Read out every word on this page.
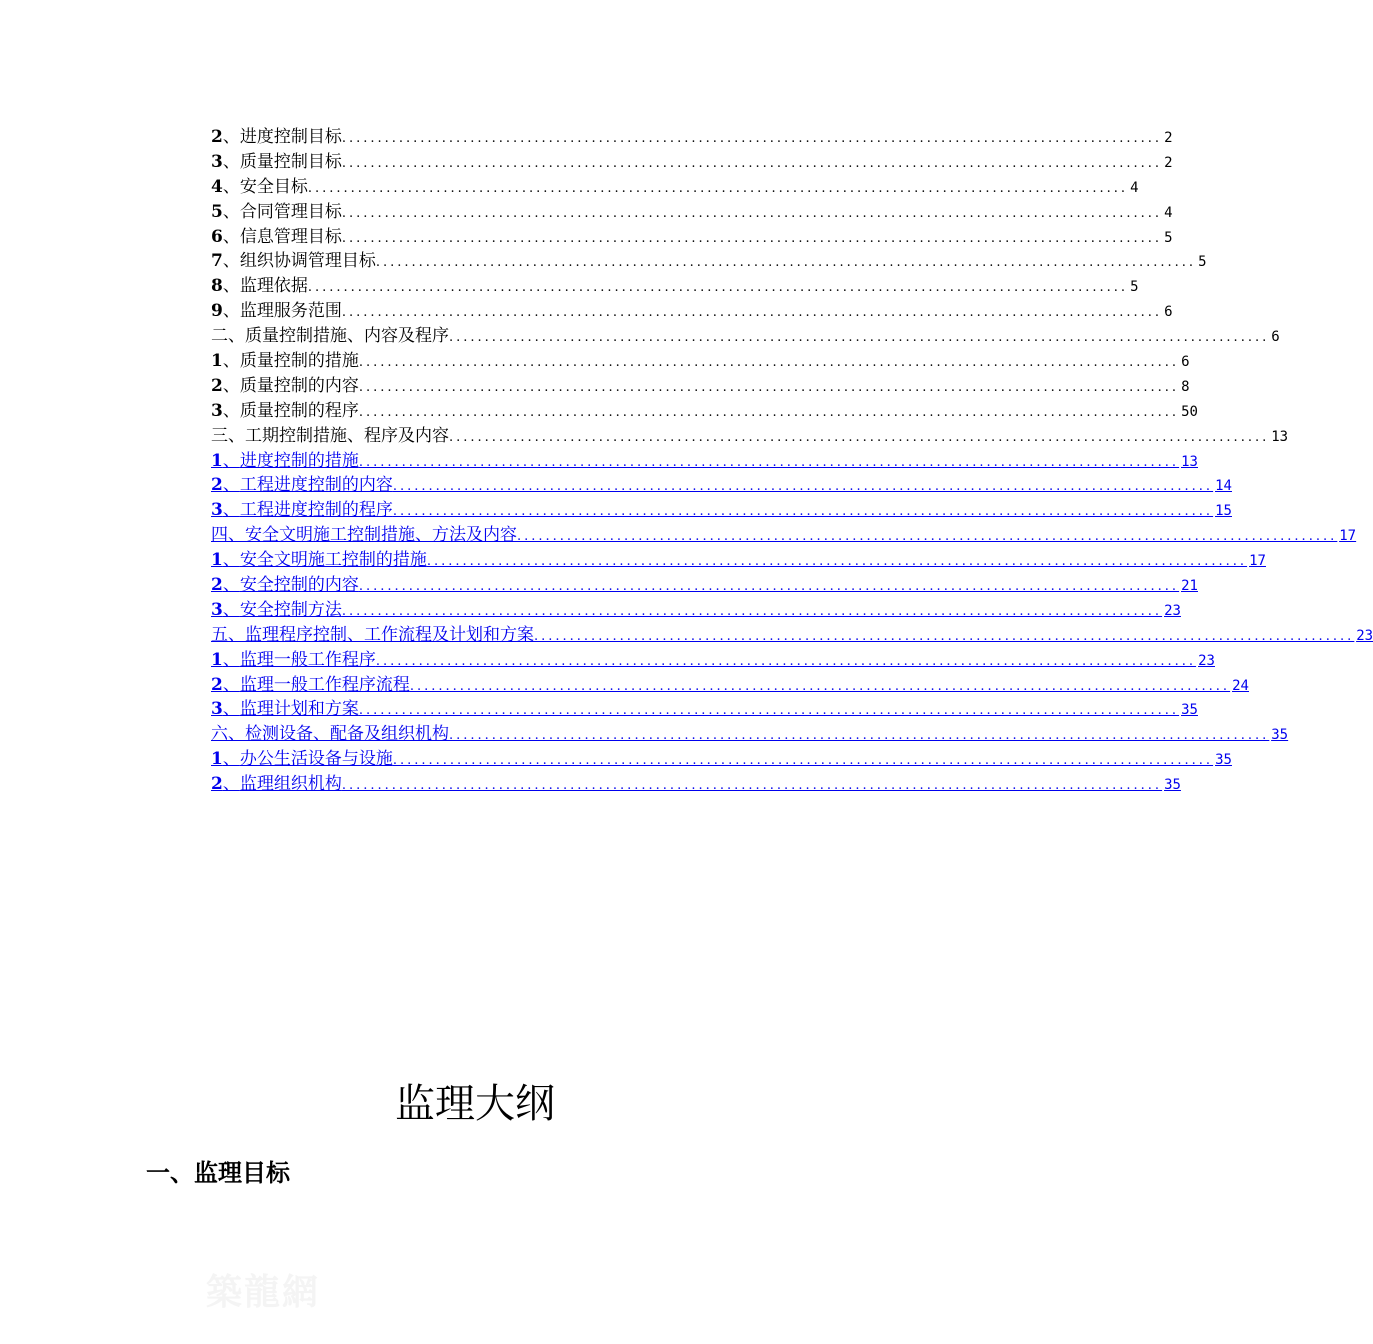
2 、 进度控制目标 ................................................................................................................... 2
3 、 质量控制目标 ................................................................................................................... 2
4 、 安全目标 ................................................................................................................... 4
5 、 合同管理目标 ................................................................................................................... 4
6 、 信息管理目标 ................................................................................................................... 5
7 、 组织协调管理目标 ................................................................................................................... 5
8 、 监理依据 ................................................................................................................... 5
9 、 监理服务范围 ................................................................................................................... 6
二、质量控制措施、内容及程序 ................................................................................................................... 6
1 、 质量控制的措施 ................................................................................................................... 6
2 、 质量控制的内容 ................................................................................................................... 8
3 、 质量控制的程序 ................................................................................................................... 50
三、工期控制措施、程序及内容 ................................................................................................................... 13
1 、 进度控制的措施 ................................................................................................................... 13
2 、 工程进度控制的内容 ................................................................................................................... 14
3 、 工程进度控制的程序 ................................................................................................................... 15
四、安全文明施工控制措施、方法及内容 ................................................................................................................... 17
1 、 安全文明施工控制的措施 ................................................................................................................... 17
2 、 安全控制的内容 ................................................................................................................... 21
3 、 安全控制方法 ................................................................................................................... 23
五、监理程序控制、工作流程及计划和方案 ................................................................................................................... 23
1 、 监理一般工作程序 ................................................................................................................... 23
2 、 监理一般工作程序流程 ................................................................................................................... 24
3 、 监理计划和方案 ................................................................................................................... 35
六、检测设备、配备及组织机构 ................................................................................................................... 35
1 、 办公生活设备与设施 ................................................................................................................... 35
2 、 监理组织机构 ................................................................................................................... 35
监理大纲
一、监理目标
築龍網
